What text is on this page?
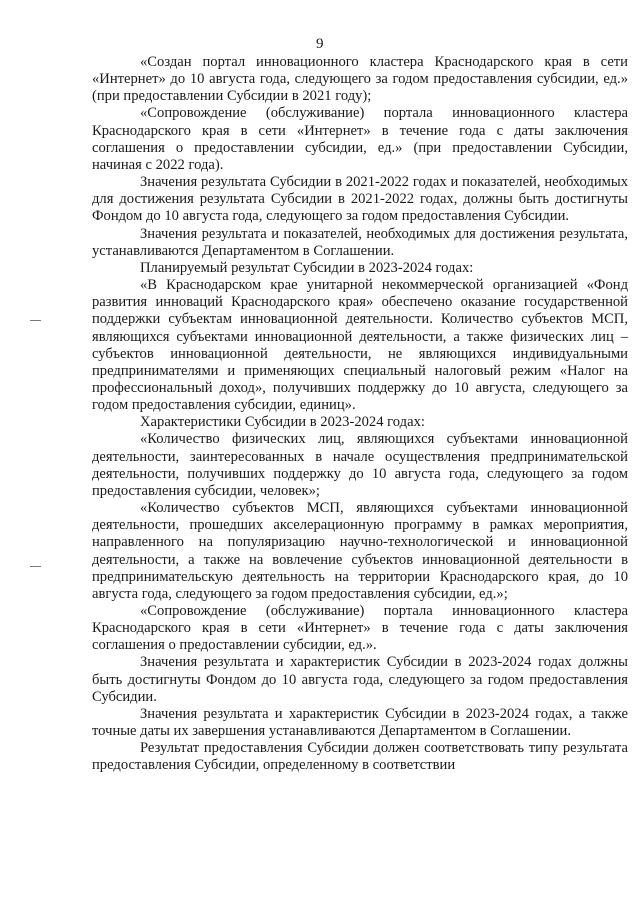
9

«Создан портал инновационного кластера Краснодарского края в сети «Интернет» до 10 августа года, следующего за годом предоставления субсидии, ед.» (при предоставлении Субсидии в 2021 году);

«Сопровождение (обслуживание) портала инновационного кластера Краснодарского края в сети «Интернет» в течение года с даты заключения соглашения о предоставлении субсидии, ед.» (при предоставлении Субсидии, начиная с 2022 года).

Значения результата Субсидии в 2021-2022 годах и показателей, необходимых для достижения результата Субсидии в 2021-2022 годах, должны быть достигнуты Фондом до 10 августа года, следующего за годом предоставления Субсидии.

Значения результата и показателей, необходимых для достижения результата, устанавливаются Департаментом в Соглашении.

Планируемый результат Субсидии в 2023-2024 годах:

«В Краснодарском крае унитарной некоммерческой организацией «Фонд развития инноваций Краснодарского края» обеспечено оказание государственной поддержки субъектам инновационной деятельности. Количество субъектов МСП, являющихся субъектами инновационной деятельности, а также физических лиц – субъектов инновационной деятельности, не являющихся индивидуальными предпринимателями и применяющих специальный налоговый режим «Налог на профессиональный доход», получивших поддержку до 10 августа, следующего за годом предоставления субсидии, единиц».

Характеристики Субсидии в 2023-2024 годах:

«Количество физических лиц, являющихся субъектами инновационной деятельности, заинтересованных в начале осуществления предпринимательской деятельности, получивших поддержку до 10 августа года, следующего за годом предоставления субсидии, человек»;

«Количество субъектов МСП, являющихся субъектами инновационной деятельности, прошедших акселерационную программу в рамках мероприятия, направленного на популяризацию научно-технологической и инновационной деятельности, а также на вовлечение субъектов инновационной деятельности в предпринимательскую деятельность на территории Краснодарского края, до 10 августа года, следующего за годом предоставления субсидии, ед.»;

«Сопровождение (обслуживание) портала инновационного кластера Краснодарского края в сети «Интернет» в течение года с даты заключения соглашения о предоставлении субсидии, ед.».

Значения результата и характеристик Субсидии в 2023-2024 годах должны быть достигнуты Фондом до 10 августа года, следующего за годом предоставления Субсидии.

Значения результата и характеристик Субсидии в 2023-2024 годах, а также точные даты их завершения устанавливаются Департаментом в Соглашении.

Результат предоставления Субсидии должен соответствовать типу результата предоставления Субсидии, определенному в соответствии
